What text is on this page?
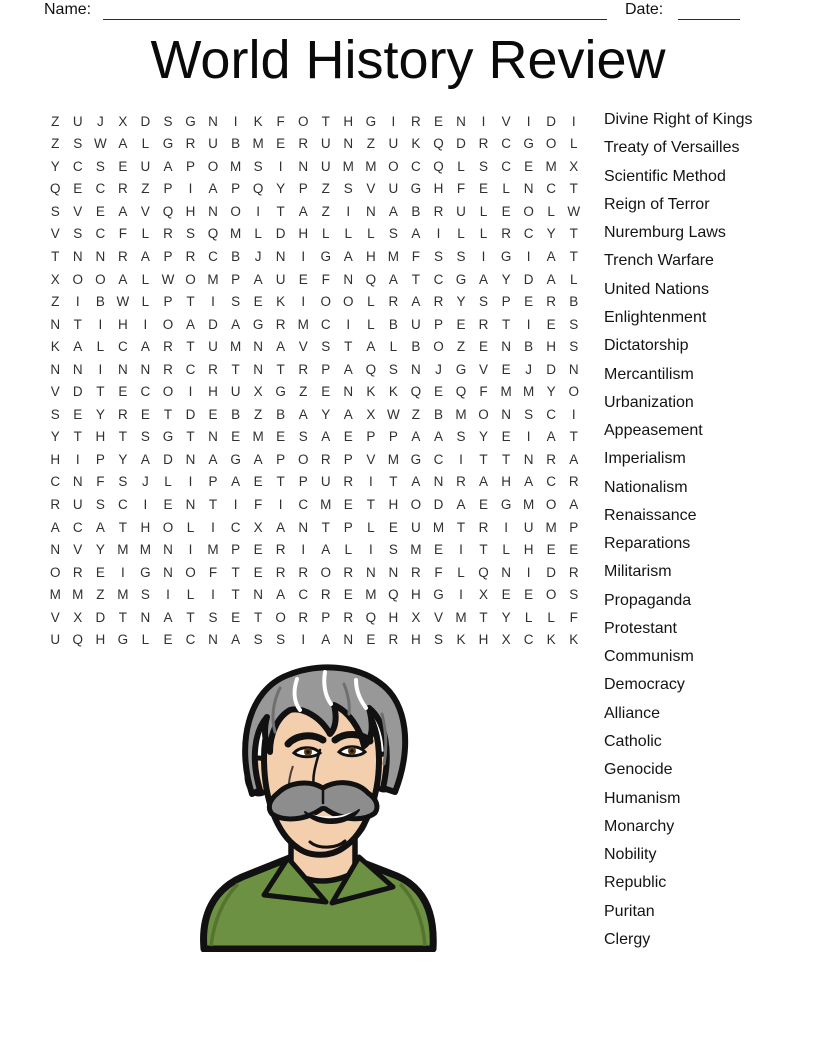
Name:	Date:
World History Review
Z	U	J	X D S G N	I	K	F O T	H G	I	R E N	I	V	I	D	I
Z	S W A	L	G R U B M E R U N	Z	U K Q D R C G O	L
Y C S	E U A	P O M S	I	N U M M O C Q	L	S C E M X
Q E C R	Z	P	I	A	P Q Y	P	Z	S	V U G H	F	E	L	N C	T
S	V	E	A	V Q H N O	I	T	A	Z	I	N A	B R U	L	E O	L W
V	S C	F	L	R S Q M L	D H	L	L	L	S	A	I	L	L	R C Y	T
T	N N R A	P R C B	J	N	I	G A H M F	S	S	I	G	I	A	T
X O O A	L W O M P	A U E	F	N Q A	T	C G A	Y D A	L
Z	I	B W L	P	T	I	S	E	K	I	O O	L	R A R Y	S	P	E R B
N	T	I	H	I	O A D A G R M C	I	L	B U P	E R	T	I	E	S
K	A	L	C A R	T	U M N A	V	S	T	A	L	B O Z	E N B H S
N N	I	N N R C R	T	N	T	R P	A Q S N	J	G V	E	J	D N
V D	T	E C O	I	H U X G Z	E N K	K Q E Q F M M Y O
S	E	Y R E	T	D E	B	Z	B	A	Y	A	X W Z	B M O N S C	I
Y	T	H	T	S G T	N E M E	S	A	E	P	P	A	A	S	Y	E	I	A	T
H	I	P	Y	A D N A G A	P O R P	V M G C	I	T	T	N R A
C N	F	S	J	L	I	P	A	E	T	P U R	I	T	A N R A H A C R
R U S C	I	E N	T	I	F	I	C M E	T	H O D A	E G M O A
A C A	T	H O	L	I	C X	A N	T	P	L	E U M T	R	I	U M P
N V	Y M M N	I	M P	E R	I	A	L	I	S M E	I	T	L	H E	E
O R E	I	G N O F	T	E R R O R N N R	F	L	Q N	I	D R
M M Z M S	I	L	I	T	N A C R E M Q H G	I	X	E	E O S
V	X D	T	N A	T	S	E	T O R P R Q H X	V M T	Y	L	L	F
U Q H G	L	E C N A	S	S	I	A N E R H S	K H X C K	K
Divine Right of Kings
Treaty of Versailles
Scientific Method
Reign of Terror
Nuremburg Laws
Trench Warfare
United Nations
Enlightenment
Dictatorship
Mercantilism
Urbanization
Appeasement
Imperialism
Nationalism
Renaissance
Reparations
Militarism
Propaganda
Protestant
Communism
Democracy
Alliance
Catholic
Genocide
Humanism
Monarchy
Nobility
Republic
Puritan
Clergy
